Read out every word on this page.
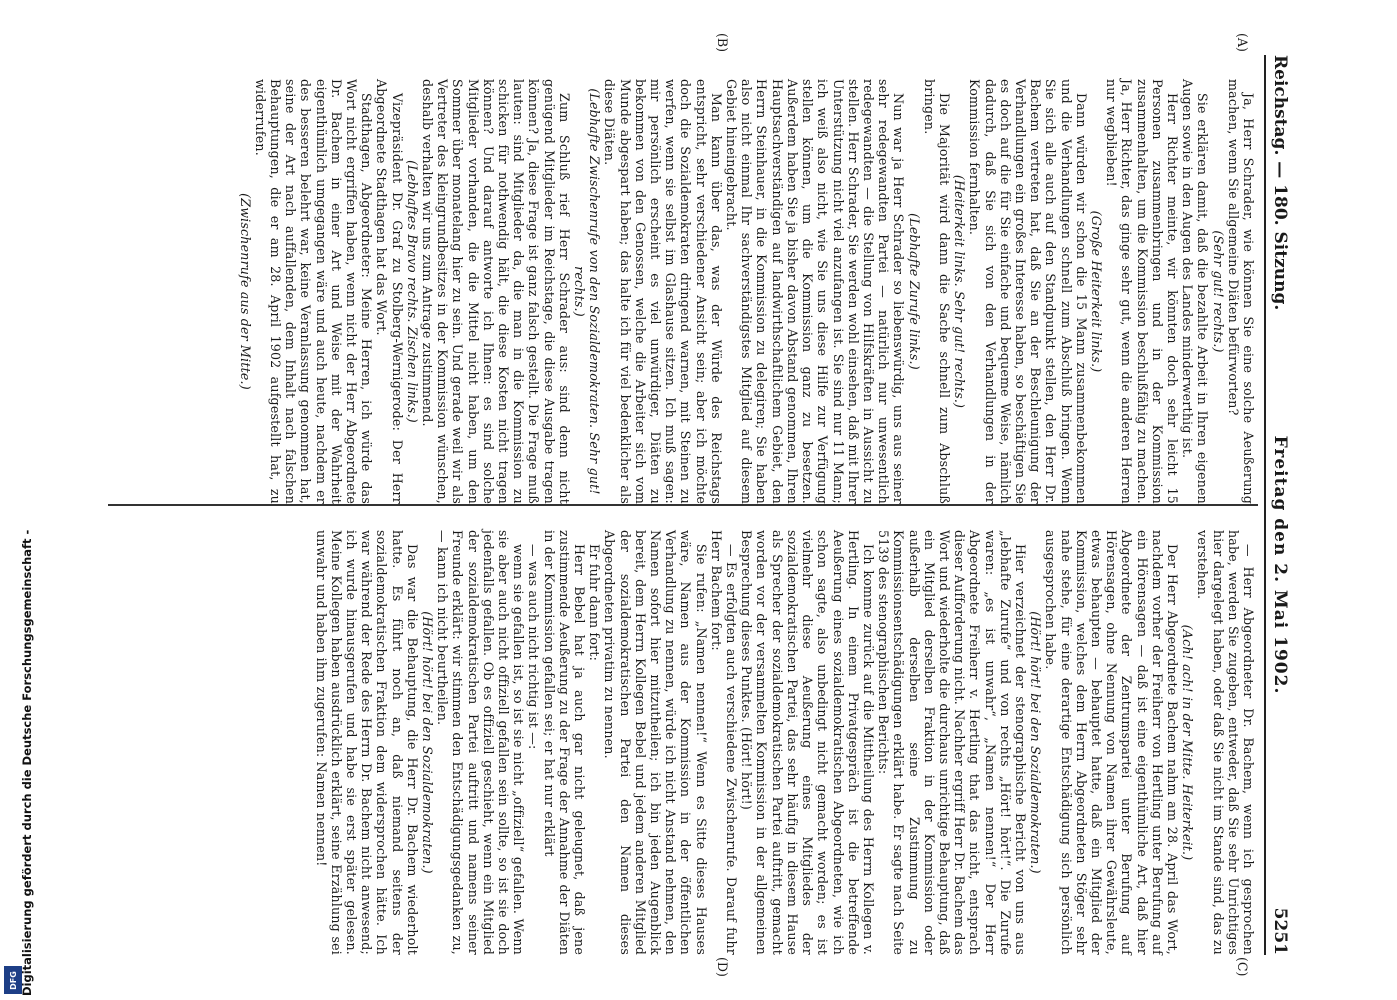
Reichstag. — 180. Sitzung.
Freitag den 2. Mai 1902.
5251
(A)
(B)
(C)
(D)

Ja, Herr Schrader, wie können Sie eine solche Aeußerung machen, wenn Sie allgemeine Diäten befürworten?

(Sehr gut! rechts.)

Sie erklären damit, daß die bezahlte Arbeit in Ihren eigenen Augen sowie in den Augen des Landes minderwerthig ist.

Herr Richter meinte, wir könnten doch sehr leicht 15 Personen zusammenbringen und in der Kommission zusammenhalten, um die Kommission beschlußfähig zu machen. Ja, Herr Richter, das ginge sehr gut, wenn die anderen Herren nur wegblieben!

(Große Heiterkeit links.)

Dann würden wir schon die 15 Mann zusammenbekommen und die Verhandlungen schnell zum Abschluß bringen. Wenn Sie sich alle auch auf den Standpunkt stellen, den Herr Dr. Bachem vertreten hat, daß Sie an der Beschleunigung der Verhandlungen ein großes Interesse haben, so beschäftigen Sie es doch auf die für Sie einfache und bequeme Weise, nämlich dadurch, daß Sie sich von den Verhandlungen in der Kommission fernhalten.

(Heiterkeit links. Sehr gut! rechts.)

Die Majorität wird dann die Sache schnell zum Abschluß bringen.

(Lebhafte Zurufe links.)

Nun war ja Herr Schrader so liebenswürdig, uns aus seiner sehr redegewandten Partei — natürlich nur unwesentlich redegewandten — die Stellung von Hilfskräften in Aussicht zu stellen. Herr Schrader, Sie werden wohl einsehen, daß mit Ihrer Unterstützung nicht viel anzufangen ist. Sie sind nur 11 Mann; ich weiß also nicht, wie Sie uns diese Hilfe zur Verfügung stellen können, um die Kommission ganz zu besetzen. Außerdem haben Sie ja bisher davon Abstand genommen, Ihren Hauptsachverständigen auf landwirthschaftlichem Gebiet, den Herrn Steinhauer, in die Kommission zu delegiren; Sie haben also nicht einmal Ihr sachverständigstes Mitglied auf diesem Gebiet hineingebracht.

Man kann über das, was der Würde des Reichstags entspricht, sehr verschiedener Ansicht sein; aber ich möchte doch die Sozialdemokraten dringend warnen, mit Steinen zu werfen, wenn sie selbst im Glashause sitzen. Ich muß sagen: mir persönlich erscheint es viel unwürdiger, Diäten zu bekommen von den Genossen, welche die Arbeiter sich vom Munde abgespart haben; das halte ich für viel bedenklicher als diese Diäten.

(Lebhafte Zwischenrufe von den Sozialdemokraten. Sehr gut! rechts.)

Zum Schluß rief Herr Schrader aus: sind denn nicht genügend Mitglieder im Reichstage, die diese Ausgabe tragen können? Ja, diese Frage ist ganz falsch gestellt. Die Frage muß lauten: sind Mitglieder da, die man in die Kommission zu schicken für nothwendig hält, die diese Kosten nicht tragen können? Und darauf antworte ich Ihnen: es sind solche Mitglieder vorhanden, die die Mittel nicht haben, um den Sommer über monatelang hier zu sein. Und gerade weil wir als Vertreter des kleingrundbesitzes in der Kommission wünschen, deshalb verhalten wir uns zum Antrage zustimmend.

(Lebhaftes Bravo rechts. Zischen links.)

Vizepräsident Dr. Graf zu Stolberg-Wernigerode: Der Herr Abgeordnete Stadthagen hat das Wort.

Stadthagen, Abgeordneter: Meine Herren, ich würde das Wort nicht ergriffen haben, wenn nicht der Herr Abgeordnete Dr. Bachem in einer Art und Weise mit der Wahrheit eigenthümlich umgegangen wäre und auch heute, nachdem er des besseren belehrt war, keine Veranlassung genommen hat, seine der Art nach auffallenden, dem Inhalt nach falschen Behauptungen, die er am 28. April 1902 aufgestellt hat, zu widerrufen.

(Zwischenrufe aus der Mitte.)

— Herr Abgeordneter Dr. Bachem, wenn ich gesprochen habe, werden Sie zugeben, entweder, daß Sie sehr Unrichtiges hier dargelegt haben, oder daß Sie nicht im Stande sind, das zu verstehen.

(Ach! ach! in der Mitte. Heiterkeit.)

Der Herr Abgeordnete Bachem nahm am 28. April das Wort, nachdem vorher der Freiherr von Hertling unter Berufung auf ein Hörensagen — daß ist eine eigenthümliche Art, daß hier Abgeordnete der Zentrumspartei unter Berufung auf Hörensagen, ohne Nennung von Namen ihrer Gewährsleute, etwas behaupten — behauptet hatte, daß ein Mitglied der Kommission, welches dem Herrn Abgeordneten Stöger sehr nahe stehe, für eine derartige Entschädigung sich persönlich ausgesprochen habe.

(Hört! hört! bei den Sozialdemokraten.)

Hier verzeichnet der stenographische Bericht von uns aus „lebhafte Zurufe“ und von rechts „Hört! hört!“. Die Zurufe waren: „es ist unwahr“, „Namen nennen!“ Der Herr Abgeordnete Freiherr v. Hertling that das nicht, entsprach dieser Aufforderung nicht. Nachher ergriff Herr Dr. Bachem das Wort und wiederholte die durchaus unrichtige Behauptung, daß ein Mitglied derselben Fraktion in der Kommission oder außerhalb derselben seine Zustimmung zu Kommissionsentschädigungen erklärt habe. Er sagte nach Seite 5139 des stenographischen Berichts:

Ich komme zurück auf die Mittheilung des Herrn Kollegen v. Hertling. In einem Privatgespräch ist die betreffende Aeußerung eines sozialdemokratischen Abgeordneten, wie ich schon sagte, also unbedingt nicht gemacht worden; es ist vielmehr diese Aeußerung eines Mitgliedes der sozialdemokratischen Partei, das sehr häufig in diesem Hause als Sprecher der sozialdemokratischen Partei auftritt, gemacht worden vor der versammelten Kommission in der allgemeinen Besprechung dieses Punktes. (Hört! hört!)

— Es erfolgten auch verschiedene Zwischenrufe. Darauf fuhr Herr Bachem fort:

Sie rufen: „Namen nennen!“ Wenn es Sitte dieses Hauses wäre, Namen aus der Kommission in der öffentlichen Verhandlung zu nennen, würde ich nicht Anstand nehmen, den Namen sofort hier mitzutheilen; ich bin jeden Augenblick bereit, dem Herrn Kollegen Bebel und jedem anderen Mitglied der sozialdemokratischen Partei den Namen dieses Abgeordneten privatim zu nennen.

Er fuhr dann fort:

Herr Bebel hat ja auch gar nicht geleugnet, daß jene zustimmende Aeußerung zu der Frage der Annahme der Diäten in der Kommission gefallen sei; er hat nur erklärt

— was auch nicht richtig ist —:

wenn sie gefallen ist, so ist sie nicht „offiziell“ gefallen. Wenn sie aber auch nicht offiziell gefallen sein sollte, so ist sie doch jedenfalls gefallen. Ob es offiziell geschieht, wenn ein Mitglied der sozialdemokratischen Partei auftritt und namens seiner Freunde erklärt: wir stimmen den Entschädigungsgedanken zu, — kann ich nicht beurtheilen.

(Hört! hört! bei den Sozialdemokraten.)

Das war die Behauptung, die Herr Dr. Bachem wiederholt hatte. Es führt noch an, daß niemand seitens der sozialdemokratischen Fraktion dem widersprochen hätte. Ich war während der Rede des Herrn Dr. Bachem nicht anwesend; ich wurde hinausgerufen und habe sie erst später gelesen. Meine Kollegen haben ausdrücklich erklärt, seine Erzählung sei unwahr und haben ihm zugerufen: Namen nennen!

DFG Digitalisierung gefördert durch die Deutsche Forschungsgemeinschaft -
